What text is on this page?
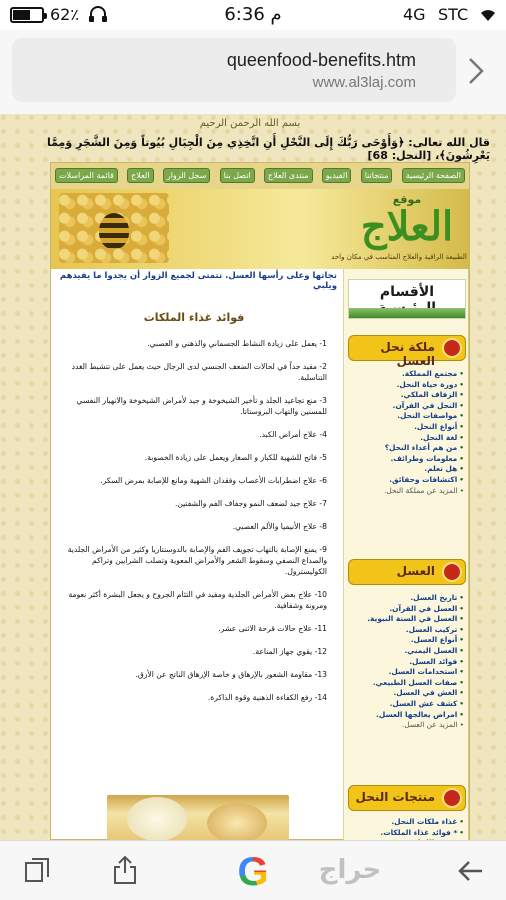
62٪	6:36 م	4G STC
queenfood-benefits.htm
www.al3laj.com
بسم الله الرحمن الرحيم
قال الله تعالى: ﴿وَأَوْحَى رَبُّكَ إِلَى النَّحْلِ أَنِ اتَّخِذِي مِنَ الْجِبَالِ بُيُوتاً وَمِنَ الشَّجَرِ وَمِمَّا يَعْرِشُونَ﴾، [النحل: 68]
الصفحة الرئيسية
منتجاتنا
الفيديو
منتدى العلاج
اتصل بنا
سجل الزوار
العلاج
قائمة المراسلات
موقع
العلاج
الطبيعة الراقية والعلاج المناسب في مكان واحد
نجاتها وعلى رأسها العسل. نتمنى لجميع الزوار أن يجدوا ما يفيدهم ويلبي
فوائد غذاء الملكات
1- يعمل على زيادة النشاط الجسماني والذهني و العصبي.
2- مفيد جداً في لحالات الضعف الجنسي لدى الرجال حيث يعمل على تنشيط الغدد التناسلية.
3- منع تجاعيد الجلد و تأخير الشيخوخة و جيد لأمراض الشيخوخة والانهيار النفسي للمسنين والتهاب البروستاتا.
4- علاج أمراض الكبد.
5- فاتح للشهية للكبار و الصغار ويعمل على زيادة الخصوبة.
6- علاج اضطرابات الأعصاب وفقدان الشهية ومانع للإصابة بمرض السكر.
7- علاج جيد لضعف النمو وجفاف الفم والشفتين.
8- علاج الأنيميا والألم العصبي.
9- يمنع الإصابة بالتهاب تجويف الفم والإصابة بالدوسنتاريا وكثير من الأمراض الجلدية والصداع النصفي وسقوط الشعر والأمراض المعوية وتصلب الشرايين وتراكم الكوليسترول.
10- علاج بعض الأمراض الجلدية ومفيد في التئام الجروح و يجعل البشرة أكثر نعومة ومرونة وشفافية.
11- علاج حالات قرحة الاثنى عشر.
12- يقوي جهاز المناعة.
13- مقاومة الشعور بالإرهاق و خاصة الإرهاق الناتج عن الأرق.
14- رفع الكفاءة الذهنية وقوة الذاكرة.
الأقسام
ملكة نحل العسل
• مجتمع المملكة.
• دورة حياة النحل.
• الزفاف الملكي.
• النحل في القرآن.
• مواصفات النحل.
• أنواع النحل.
• لغة النحل.
• من هم أعداء النحل؟
• معلومات وطرائف.
• هل تعلم.
• اكتشافات وحقائق.
• المزيد عن مملكة النحل.
العسل
• تاريخ العسل.
• العسل في القرآن.
• العسل في السنة النبوية.
• تركيب العسل.
• أنواع العسل.
• العسل اليمني.
• فوائد العسل.
• استخدامات العسل.
• صفات العسل الطبيعي.
• الغش في العسل.
• كشف غش العسل.
• امراض يعالجها العسل.
• المزيد عن العسل.
منتجات النحل
• غذاء ملكات النحل.
• * فوائد غذاء الملكات.
•
•
G	حراج
